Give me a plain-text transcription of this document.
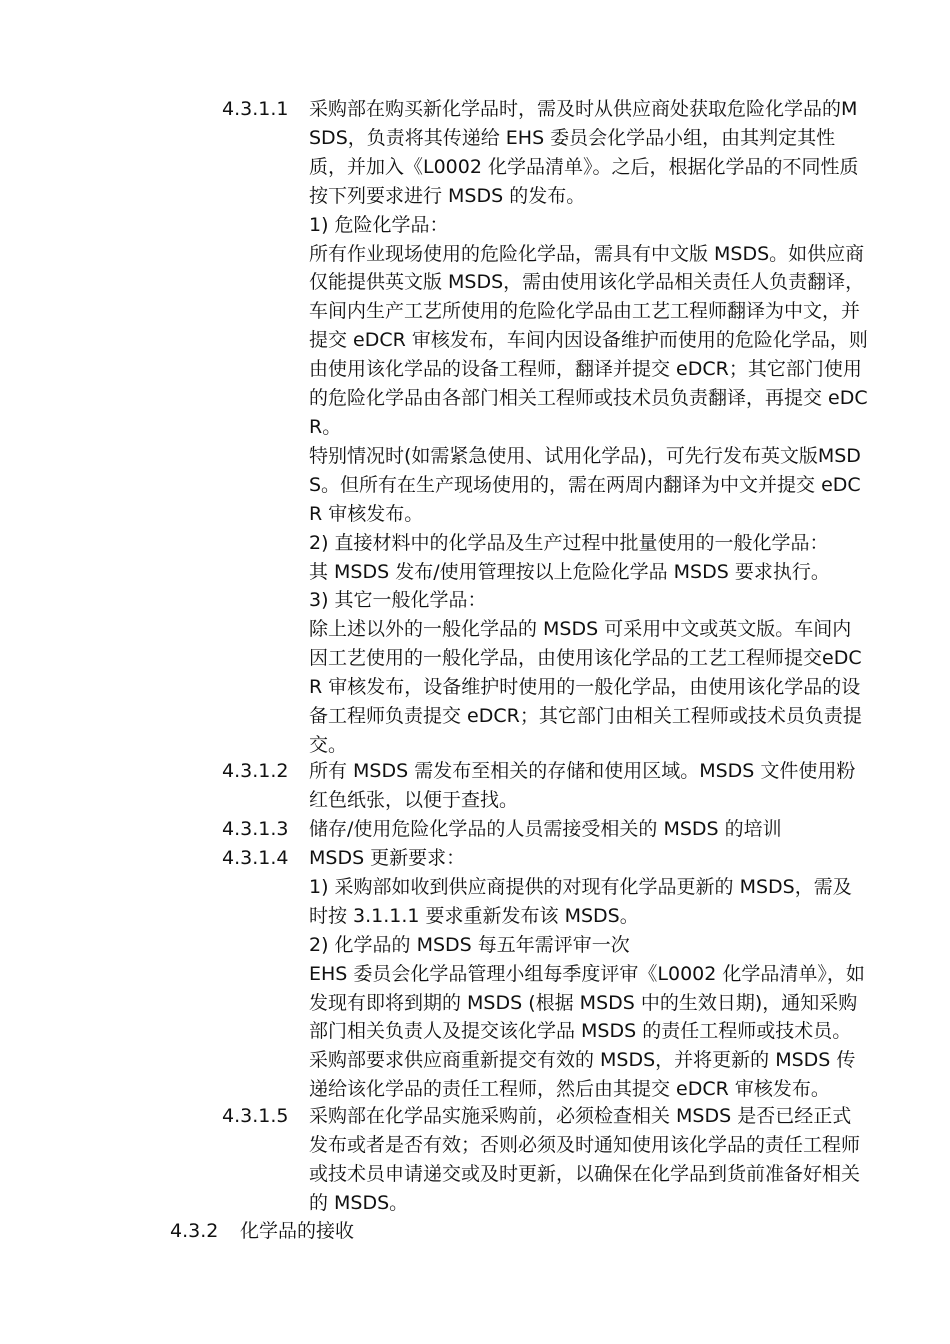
4.3.1.1 采购部在购买新化学品时，需及时从供应商处获取危险化学品的MSDS，负责将其传递给 EHS 委员会化学品小组，由其判定其性质，并加入《L0002 化学品清单》。之后，根据化学品的不同性质按下列要求进行 MSDS 的发布。

1) 危险化学品：

所有作业现场使用的危险化学品，需具有中文版 MSDS。如供应商仅能提供英文版 MSDS，需由使用该化学品相关责任人负责翻译，车间内生产工艺所使用的危险化学品由工艺工程师翻译为中文，并提交 eDCR 审核发布，车间内因设备维护而使用的危险化学品，则由使用该化学品的设备工程师，翻译并提交 eDCR；其它部门使用的危险化学品由各部门相关工程师或技术员负责翻译，再提交 eDCR。

特别情况时(如需紧急使用、试用化学品)，可先行发布英文版MSDS。但所有在生产现场使用的，需在两周内翻译为中文并提交 eDCR 审核发布。

2) 直接材料中的化学品及生产过程中批量使用的一般化学品：

其 MSDS 发布/使用管理按以上危险化学品 MSDS 要求执行。

3) 其它一般化学品：

除上述以外的一般化学品的 MSDS 可采用中文或英文版。车间内因工艺使用的一般化学品，由使用该化学品的工艺工程师提交eDCR 审核发布，设备维护时使用的一般化学品，由使用该化学品的设备工程师负责提交 eDCR；其它部门由相关工程师或技术员负责提交。

4.3.1.2 所有 MSDS 需发布至相关的存储和使用区域。MSDS 文件使用粉红色纸张，以便于查找。

4.3.1.3 储存/使用危险化学品的人员需接受相关的 MSDS 的培训

4.3.1.4 MSDS 更新要求：

1) 采购部如收到供应商提供的对现有化学品更新的 MSDS，需及时按 3.1.1.1 要求重新发布该 MSDS。

2) 化学品的 MSDS 每五年需评审一次

EHS 委员会化学品管理小组每季度评审《L0002 化学品清单》，如发现有即将到期的 MSDS (根据 MSDS 中的生效日期)，通知采购部门相关负责人及提交该化学品 MSDS 的责任工程师或技术员。

采购部要求供应商重新提交有效的 MSDS，并将更新的 MSDS 传递给该化学品的责任工程师，然后由其提交 eDCR 审核发布。

4.3.1.5 采购部在化学品实施采购前，必须检查相关 MSDS 是否已经正式发布或者是否有效；否则必须及时通知使用该化学品的责任工程师或技术员申请递交或及时更新，以确保在化学品到货前准备好相关的 MSDS。

4.3.2 化学品的接收
